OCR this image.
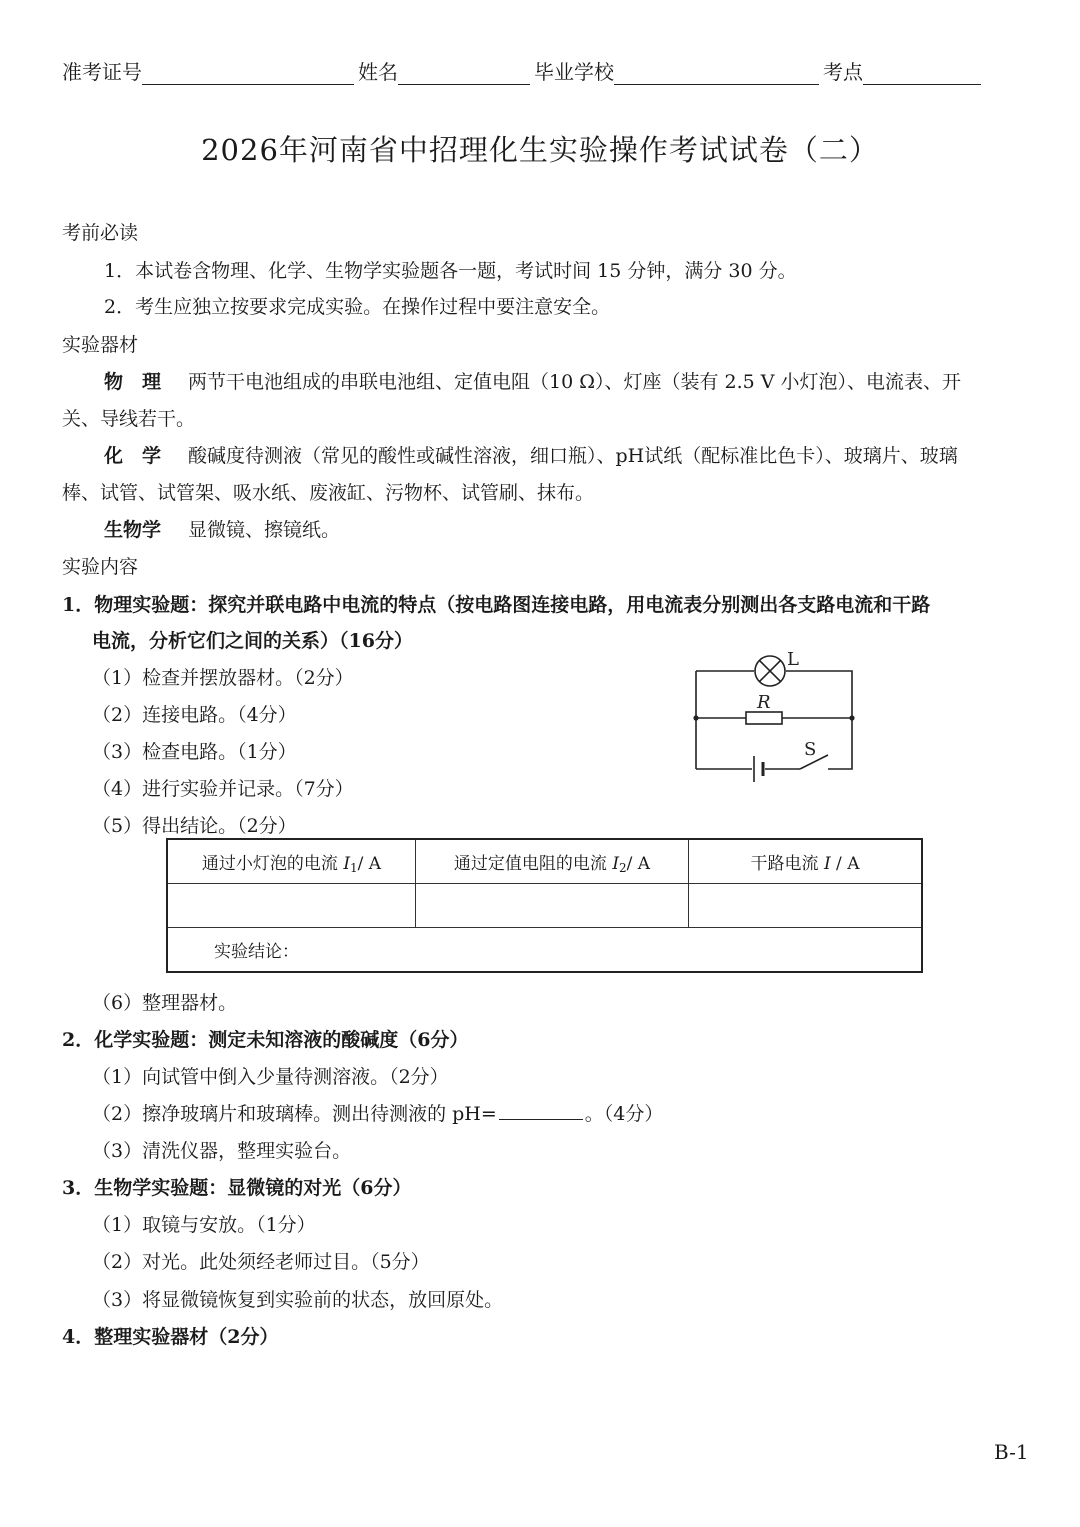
准考证号	姓名	毕业学校	考点
2026年河南省中招理化生实验操作考试试卷（二）
考前必读
1．本试卷含物理、化学、生物学实验题各一题，考试时间 15 分钟，满分 30 分。
2．考生应独立按要求完成实验。在操作过程中要注意安全。
实验器材
物　理 两节干电池组成的串联电池组、定值电阻（10 Ω）、灯座（装有 2.5 V 小灯泡）、电流表、开
关、导线若干。
化　学 酸碱度待测液（常见的酸性或碱性溶液，细口瓶）、pH试纸（配标准比色卡）、玻璃片、玻璃
棒、试管、试管架、吸水纸、废液缸、污物杯、试管刷、抹布。
生物学 显微镜、擦镜纸。
实验内容
1．物理实验题：探究并联电路中电流的特点（按电路图连接电路，用电流表分别测出各支路电流和干路
电流，分析它们之间的关系）（16分）
（1）检查并摆放器材。（2分）
（2）连接电路。（4分）
（3）检查电路。（1分）
（4）进行实验并记录。（7分）
（5）得出结论。（2分）
L
R
S
通过小灯泡的电流 $I_1/$ A	通过定值电阻的电流 $I_2/$ A	干路电流 I / A

实验结论：		
（6）整理器材。
2．化学实验题：测定未知溶液的酸碱度（6分）
（1）向试管中倒入少量待测溶液。（2分）
（2）擦净玻璃片和玻璃棒。测出待测液的 pH=	。（4分）
（3）清洗仪器，整理实验台。
3．生物学实验题：显微镜的对光（6分）
（1）取镜与安放。（1分）
（2）对光。此处须经老师过目。（5分）
（3）将显微镜恢复到实验前的状态，放回原处。
4．整理实验器材（2分）
B-1
